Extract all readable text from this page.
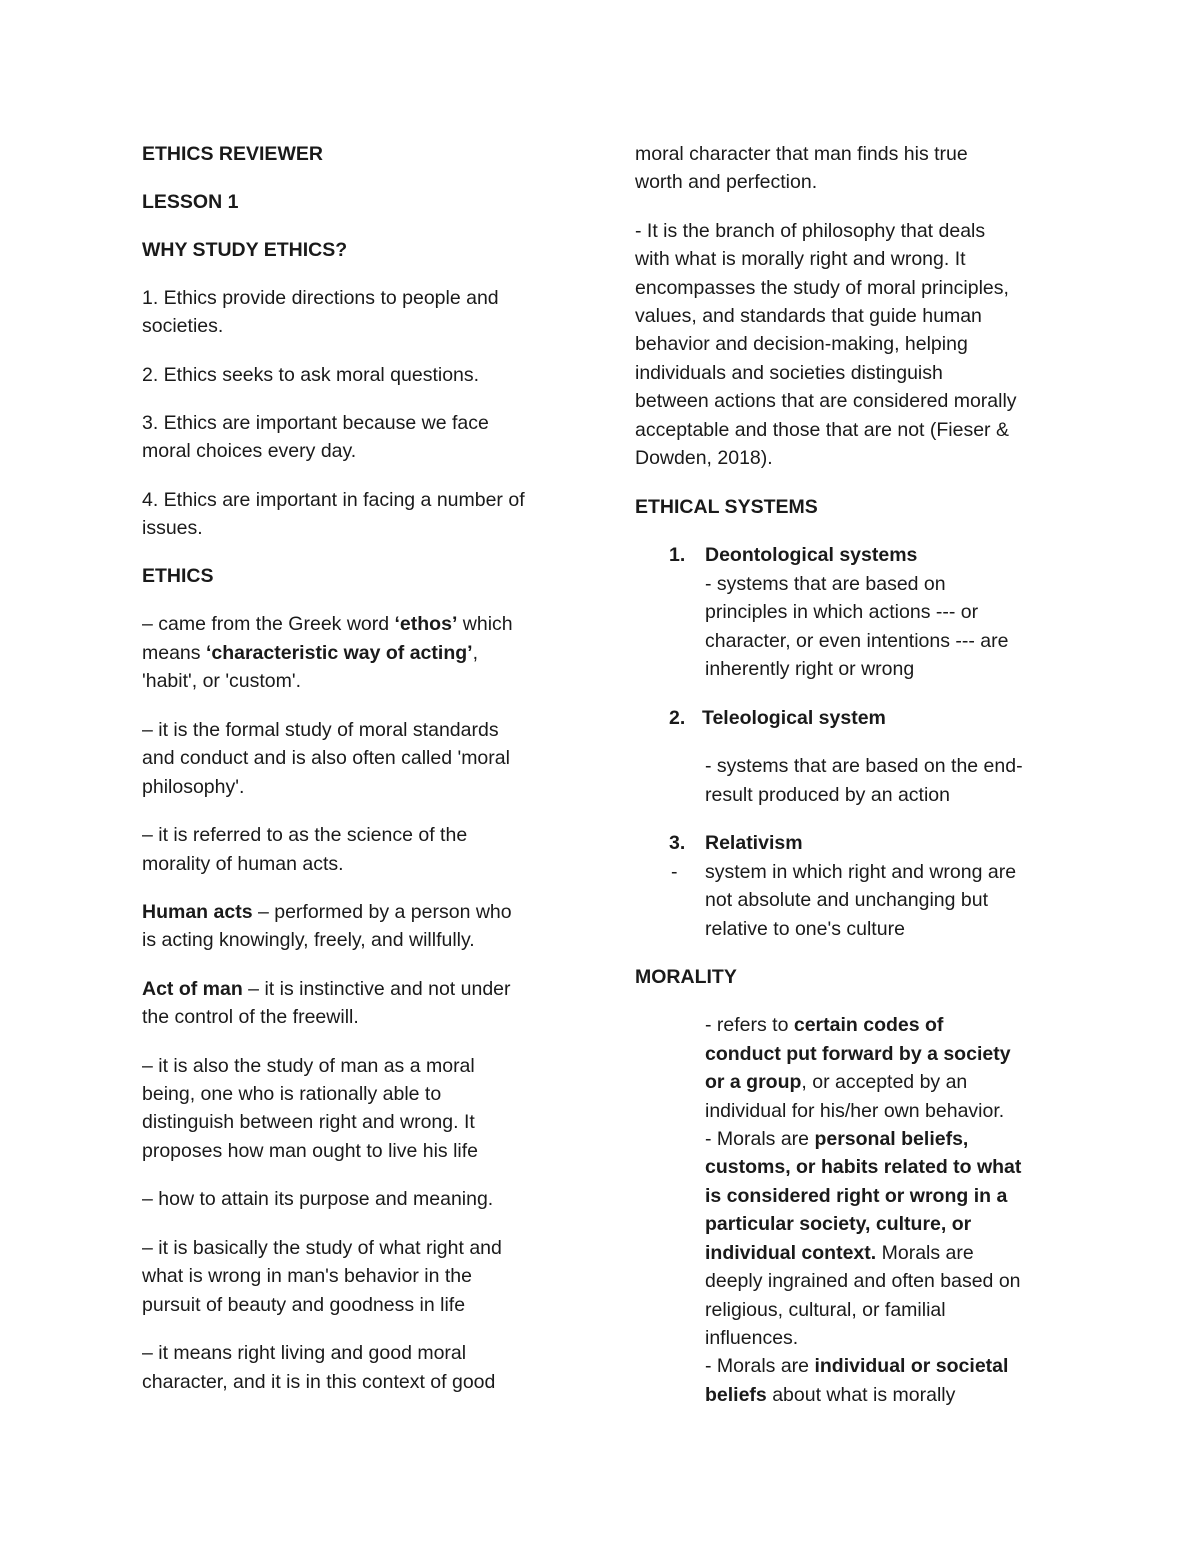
ETHICS REVIEWER
LESSON 1
WHY STUDY ETHICS?
1. Ethics provide directions to people and
societies.
2. Ethics seeks to ask moral questions.
3. Ethics are important because we face
moral choices every day.
4. Ethics are important in facing a number of
issues.
ETHICS
– came from the Greek word ‘ethos’ which
means ‘characteristic way of acting’,
'habit', or 'custom'.
– it is the formal study of moral standards
and conduct and is also often called 'moral
philosophy'.
– it is referred to as the science of the
morality of human acts.
Human acts – performed by a person who
is acting knowingly, freely, and willfully.
Act of man – it is instinctive and not under
the control of the freewill.
– it is also the study of man as a moral
being, one who is rationally able to
distinguish between right and wrong. It
proposes how man ought to live his life
– how to attain its purpose and meaning.
– it is basically the study of what right and
what is wrong in man's behavior in the
pursuit of beauty and goodness in life
– it means right living and good moral
character, and it is in this context of good
moral character that man finds his true
worth and perfection.
- It is the branch of philosophy that deals
with what is morally right and wrong. It
encompasses the study of moral principles,
values, and standards that guide human
behavior and decision-making, helping
individuals and societies distinguish
between actions that are considered morally
acceptable and those that are not (Fieser &
Dowden, 2018).
ETHICAL SYSTEMS
1. Deontological systems
- systems that are based on
principles in which actions --- or
character, or even intentions --- are
inherently right or wrong
2. Teleological system
- systems that are based on the end-
result produced by an action
3. Relativism
- system in which right and wrong are
not absolute and unchanging but
relative to one's culture
MORALITY
- refers to certain codes of
conduct put forward by a society
or a group, or accepted by an
individual for his/her own behavior.
- Morals are personal beliefs,
customs, or habits related to what
is considered right or wrong in a
particular society, culture, or
individual context. Morals are
deeply ingrained and often based on
religious, cultural, or familial
influences.
- Morals are individual or societal
beliefs about what is morally
